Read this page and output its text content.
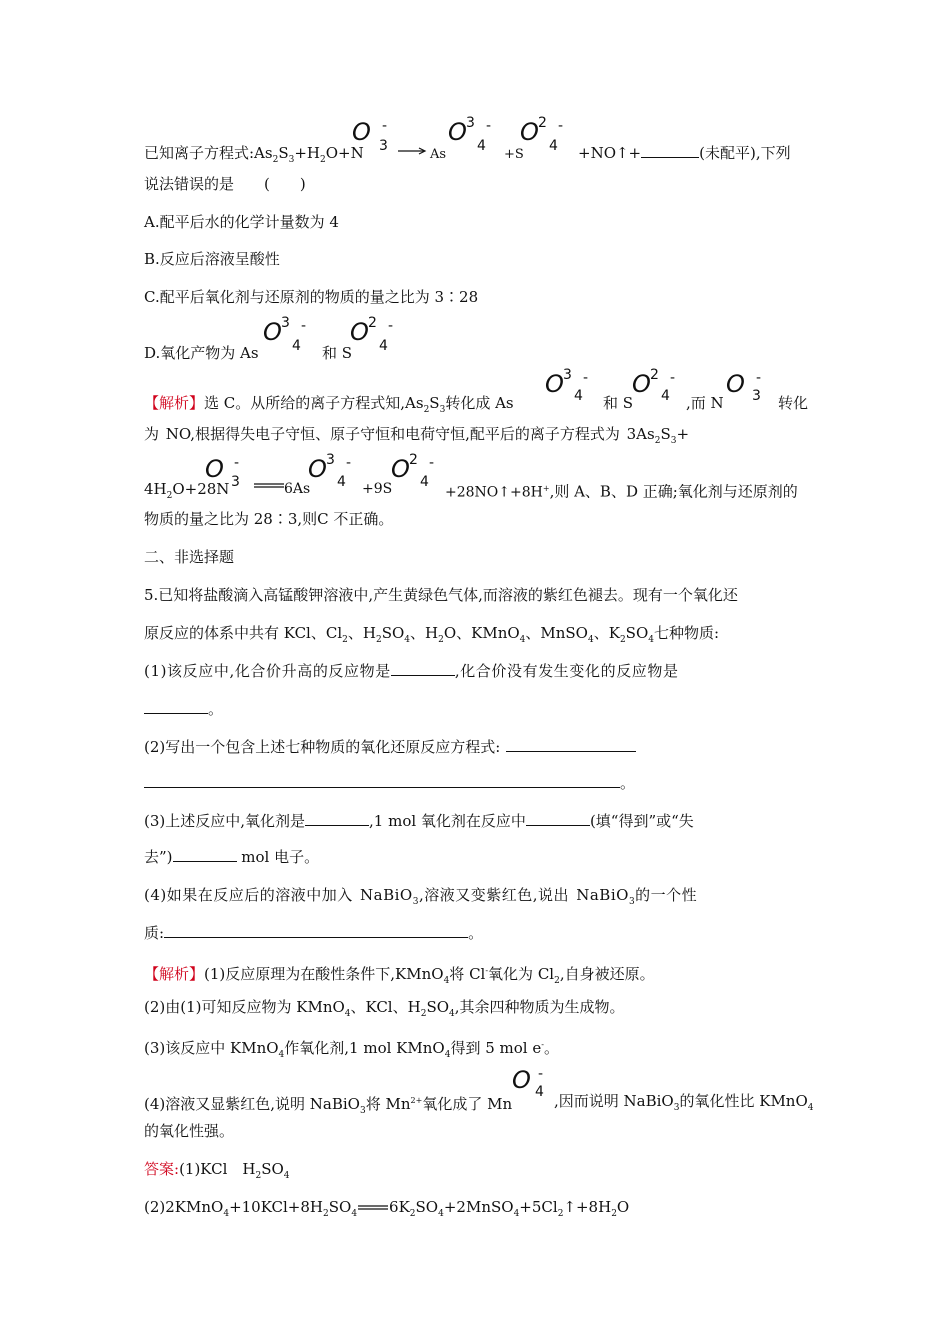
已知离子方程式$:As_2S_3+H_2O+N$
O -
3 → As
O 3 -
4
+S
O 2 -
4 +NO↑+	(未配平),下列
说法错误的是　　(　　)
A.配平后水的化学计量数为 4
B.反应后溶液呈酸性
C.配平后氧化剂与还原剂的物质的量之比为 3∶28
D.氧化产物为 As
O 3 -
4 和 S
O 2 -
4
【解析】选 C。从所给的离子方程式知$,As_2S_3$转化成 As
O 3 -
4 和 S
O 2 -
4 ,而 N
O -
3 转化
为 NO,根据得失电子守恒、原子守恒和电荷守恒,配平后的离子方程式为 $3As_2S_3+$
$4H_2O+28N$
O -
3	6As
O 3 -
4 +9S
O 2 -
4
+28NO↑+8H+,则 A、B、D 正确;氧化剂与还原剂的
物质的量之比为 28∶3,则C 不正确。
二、非选择题
5.已知将盐酸滴入高锰酸钾溶液中,产生黄绿色气体,而溶液的紫红色褪去。现有一个氧化还
原反应的体系中共有 KCl、$Cl_2$、$H_2SO_4$、$H_2O$、KMnO$_4$、MnSO$_4$、$K_2SO_4$七种物质:
(1)该反应中,化合价升高的反应物是	,化合价没有发生变化的反应物是
。
(2)写出一个包含上述七种物质的氧化还原反应方程式:
。
(3)上述反应中,氧化剂是	,1 mol 氧化剂在反应中	(填“得到”或“失
去”)	mol 电子。
(4)如果在反应后的溶液中加入 NaBiO$_3$,溶液又变紫红色,说出 NaBiO$_3$的一个性
质:	。
【解析】(1)反应原理为在酸性条件下,KMnO$_4$将 Cl-氧化为 $Cl_2$,自身被还原。
(2)由(1)可知反应物为 KMnO$_4$、KCl、$H_2SO_4$,其余四种物质为生成物。
(3)该反应中 KMnO$_4$作氧化剂,1 mol KMnO$_4$得到 5 mol e-。
(4)溶液又显紫红色,说明 NaBiO$_3$将 $Mn^{2+}$氧化成了 Mn
O -
4 ,因而说明 NaBiO$_3$的氧化性比 KMnO$_4$
的氧化性强。
答案:(1)KCl　$H_2SO_4$
$(2)2KMnO_4+10KCl+8H_2SO_4$ $6K_2SO_4+2MnSO_4+5Cl_2↑+8H_2O$
